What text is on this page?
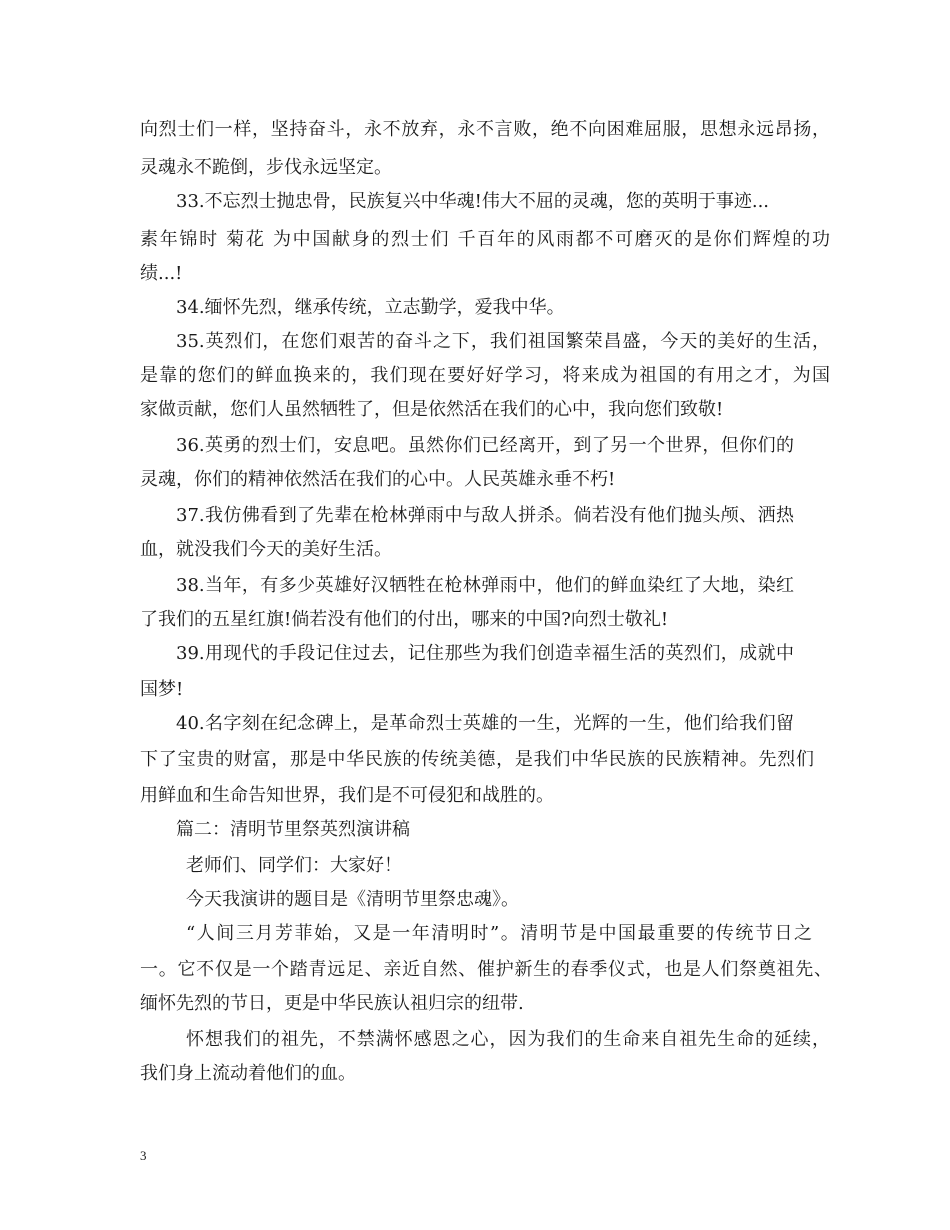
向烈士们一样，坚持奋斗，永不放弃，永不言败，绝不向困难屈服，思想永远昂扬，
灵魂永不跪倒，步伐永远坚定。
33.不忘烈士抛忠骨，民族复兴中华魂!伟大不屈的灵魂，您的英明于事迹...
素年锦时 菊花 为中国献身的烈士们 千百年的风雨都不可磨灭的是你们辉煌的功
绩...!
34.缅怀先烈，继承传统，立志勤学，爱我中华。
35.英烈们，在您们艰苦的奋斗之下，我们祖国繁荣昌盛，今天的美好的生活，
是靠的您们的鲜血换来的，我们现在要好好学习，将来成为祖国的有用之才，为国
家做贡献，您们人虽然牺牲了，但是依然活在我们的心中，我向您们致敬!
36.英勇的烈士们，安息吧。虽然你们已经离开，到了另一个世界，但你们的
灵魂，你们的精神依然活在我们的心中。人民英雄永垂不朽!
37.我仿佛看到了先辈在枪林弹雨中与敌人拼杀。倘若没有他们抛头颅、洒热
血，就没我们今天的美好生活。
38.当年，有多少英雄好汉牺牲在枪林弹雨中，他们的鲜血染红了大地，染红
了我们的五星红旗!倘若没有他们的付出，哪来的中国?向烈士敬礼!
39.用现代的手段记住过去，记住那些为我们创造幸福生活的英烈们，成就中
国梦!
40.名字刻在纪念碑上，是革命烈士英雄的一生，光辉的一生，他们给我们留
下了宝贵的财富，那是中华民族的传统美德，是我们中华民族的民族精神。先烈们
用鲜血和生命告知世界，我们是不可侵犯和战胜的。
篇二：清明节里祭英烈演讲稿
老师们、同学们：大家好！
今天我演讲的题目是《清明节里祭忠魂》。
“人间三月芳菲始，又是一年清明时”。清明节是中国最重要的传统节日之
一。它不仅是一个踏青远足、亲近自然、催护新生的春季仪式，也是人们祭奠祖先、
缅怀先烈的节日，更是中华民族认祖归宗的纽带.
怀想我们的祖先，不禁满怀感恩之心，因为我们的生命来自祖先生命的延续，
我们身上流动着他们的血。
3
